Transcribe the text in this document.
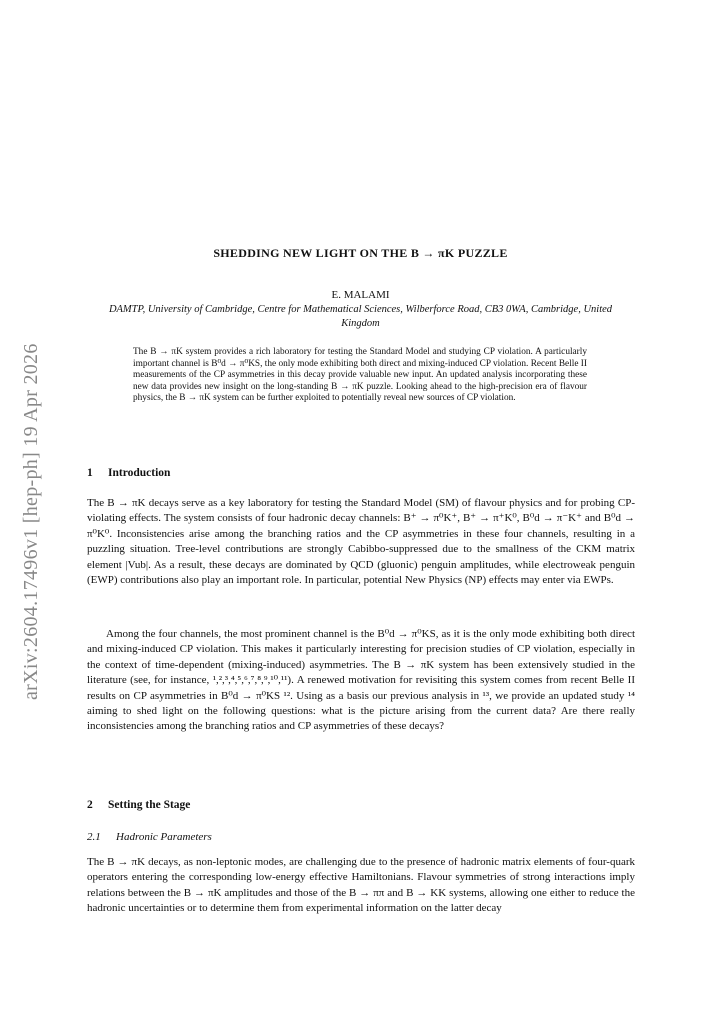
arXiv:2604.17496v1 [hep-ph] 19 Apr 2026
SHEDDING NEW LIGHT ON THE B → πK PUZZLE
E. MALAMI
DAMTP, University of Cambridge, Centre for Mathematical Sciences, Wilberforce Road, CB3 0WA, Cambridge, United Kingdom
The B → πK system provides a rich laboratory for testing the Standard Model and studying CP violation. A particularly important channel is B⁰d → π⁰KS, the only mode exhibiting both direct and mixing-induced CP violation. Recent Belle II measurements of the CP asymmetries in this decay provide valuable new input. An updated analysis incorporating these new data provides new insight on the long-standing B → πK puzzle. Looking ahead to the high-precision era of flavour physics, the B → πK system can be further exploited to potentially reveal new sources of CP violation.
1 Introduction

The B → πK decays serve as a key laboratory for testing the Standard Model (SM) of flavour physics and for probing CP-violating effects. The system consists of four hadronic decay channels: B⁺ → π⁰K⁺, B⁺ → π⁺K⁰, B⁰d → π⁻K⁺ and B⁰d → π⁰K⁰. Inconsistencies arise among the branching ratios and the CP asymmetries in these four channels, resulting in a puzzling situation. Tree-level contributions are strongly Cabibbo-suppressed due to the smallness of the CKM matrix element |Vub|. As a result, these decays are dominated by QCD (gluonic) penguin amplitudes, while electroweak penguin (EWP) contributions also play an important role. In particular, potential New Physics (NP) effects may enter via EWPs.

Among the four channels, the most prominent channel is the B⁰d → π⁰KS, as it is the only mode exhibiting both direct and mixing-induced CP violation. This makes it particularly interesting for precision studies of CP violation, especially in the context of time-dependent (mixing-induced) asymmetries. The B → πK system has been extensively studied in the literature (see, for instance, ¹,²,³,⁴,⁵,⁶,⁷,⁸,⁹,¹⁰,¹¹). A renewed motivation for revisiting this system comes from recent Belle II results on CP asymmetries in B⁰d → π⁰KS ¹². Using as a basis our previous analysis in ¹³, we provide an updated study ¹⁴ aiming to shed light on the following questions: what is the picture arising from the current data? Are there really inconsistencies among the branching ratios and CP asymmetries of these decays?

2 Setting the Stage
2.1 Hadronic Parameters

The B → πK decays, as non-leptonic modes, are challenging due to the presence of hadronic matrix elements of four-quark operators entering the corresponding low-energy effective Hamiltonians. Flavour symmetries of strong interactions imply relations between the B → πK amplitudes and those of the B → ππ and B → KK systems, allowing one either to reduce the hadronic uncertainties or to determine them from experimental information on the latter decay
